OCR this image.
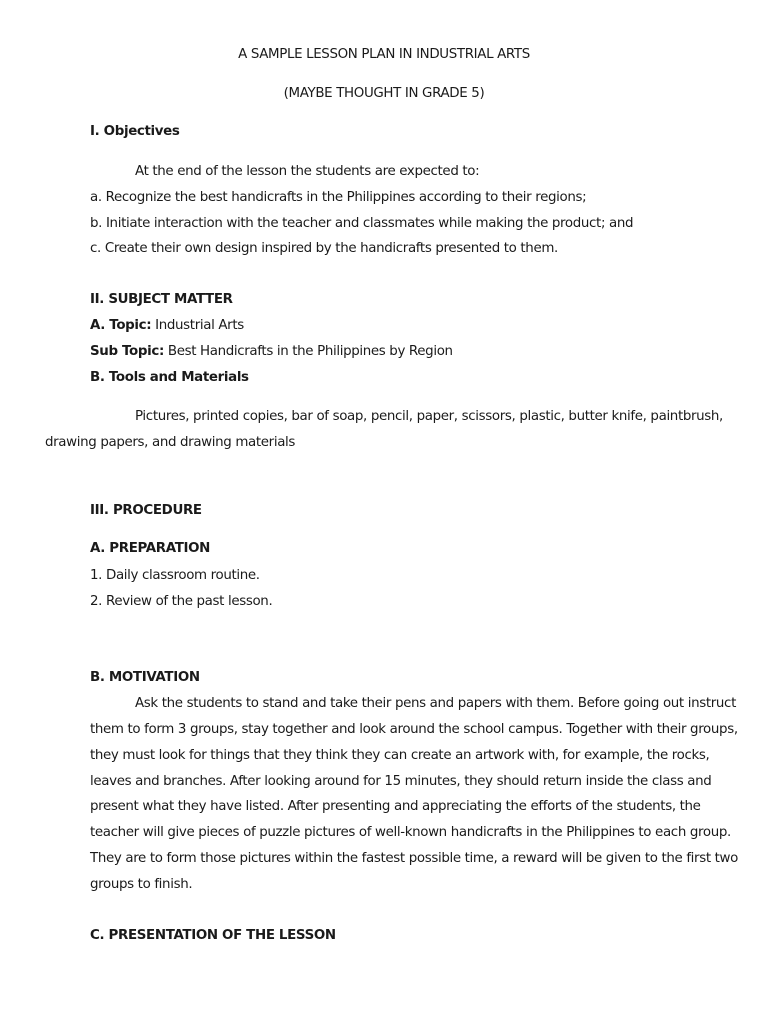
A SAMPLE LESSON PLAN IN INDUSTRIAL ARTS
(MAYBE THOUGHT IN GRADE 5)
I. Objectives
At the end of the lesson the students are expected to:
a. Recognize the best handicrafts in the Philippines according to their regions;
b. Initiate interaction with the teacher and classmates while making the product; and
c. Create their own design inspired by the handicrafts presented to them.
II. SUBJECT MATTER
A. Topic: Industrial Arts
Sub Topic: Best Handicrafts in the Philippines by Region
B. Tools and Materials
Pictures, printed copies, bar of soap, pencil, paper, scissors, plastic, butter knife, paintbrush,
drawing papers, and drawing materials
III. PROCEDURE
A. PREPARATION
1. Daily classroom routine.
2. Review of the past lesson.
B. MOTIVATION
Ask the students to stand and take their pens and papers with them. Before going out instruct
them to form 3 groups, stay together and look around the school campus. Together with their groups,
they must look for things that they think they can create an artwork with, for example, the rocks,
leaves and branches. After looking around for 15 minutes, they should return inside the class and
present what they have listed. After presenting and appreciating the efforts of the students, the
teacher will give pieces of puzzle pictures of well-known handicrafts in the Philippines to each group.
They are to form those pictures within the fastest possible time, a reward will be given to the first two
groups to finish.
C. PRESENTATION OF THE LESSON
